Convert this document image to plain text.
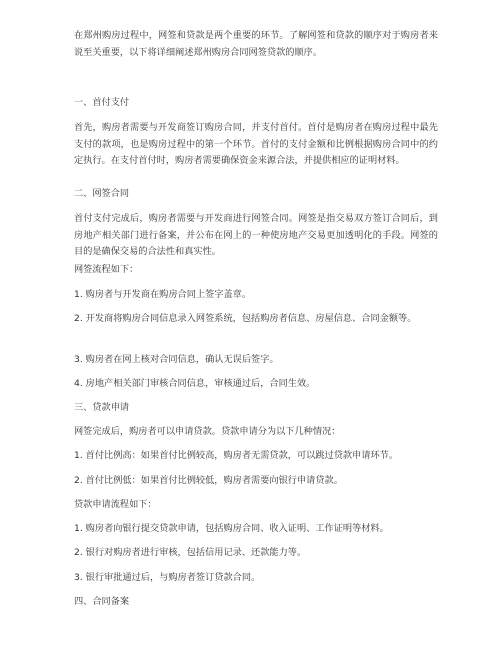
在郑州购房过程中，网签和贷款是两个重要的环节。了解网签和贷款的顺序对于购房者来说至关重要，以下将详细阐述郑州购房合同网签贷款的顺序。

一、首付支付

首先，购房者需要与开发商签订购房合同，并支付首付。首付是购房者在购房过程中最先支付的款项，也是购房过程中的第一个环节。首付的支付金额和比例根据购房合同中的约定执行。在支付首付时，购房者需要确保资金来源合法，并提供相应的证明材料。

二、网签合同

首付支付完成后，购房者需要与开发商进行网签合同。网签是指交易双方签订合同后，到房地产相关部门进行备案，并公布在网上的一种使房地产交易更加透明化的手段。网签的目的是确保交易的合法性和真实性。

网签流程如下：

1. 购房者与开发商在购房合同上签字盖章。

2. 开发商将购房合同信息录入网签系统，包括购房者信息、房屋信息、合同金额等。

3. 购房者在网上核对合同信息，确认无误后签字。

4. 房地产相关部门审核合同信息，审核通过后，合同生效。

三、贷款申请

网签完成后，购房者可以申请贷款。贷款申请分为以下几种情况：

1. 首付比例高：如果首付比例较高，购房者无需贷款，可以跳过贷款申请环节。

2. 首付比例低：如果首付比例较低，购房者需要向银行申请贷款。

贷款申请流程如下：

1. 购房者向银行提交贷款申请，包括购房合同、收入证明、工作证明等材料。

2. 银行对购房者进行审核，包括信用记录、还款能力等。

3. 银行审批通过后，与购房者签订贷款合同。

四、合同备案
